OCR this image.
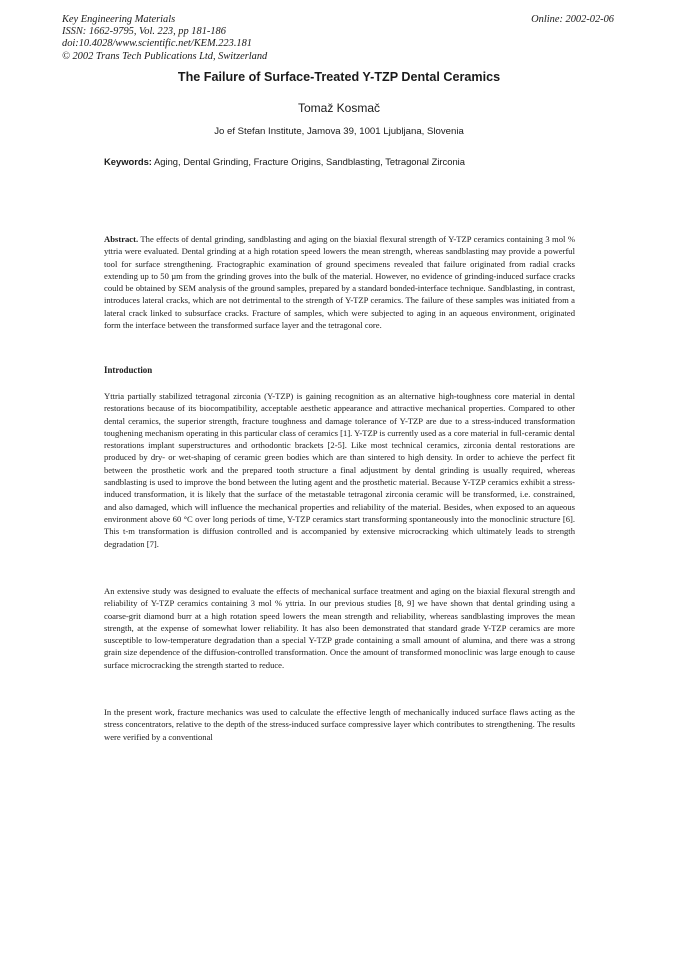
Key Engineering Materials
ISSN: 1662-9795, Vol. 223, pp 181-186
doi:10.4028/www.scientific.net/KEM.223.181
© 2002 Trans Tech Publications Ltd, Switzerland
Online: 2002-02-06
The Failure of Surface-Treated Y-TZP Dental Ceramics
Tomaž Kosmač
Jo ef Stefan Institute, Jamova 39, 1001 Ljubljana, Slovenia
Keywords: Aging, Dental Grinding, Fracture Origins, Sandblasting, Tetragonal Zirconia
Abstract. The effects of dental grinding, sandblasting and aging on the biaxial flexural strength of Y-TZP ceramics containing 3 mol % yttria were evaluated. Dental grinding at a high rotation speed lowers the mean strength, whereas sandblasting may provide a powerful tool for surface strengthening. Fractographic examination of ground specimens revealed that failure originated from radial cracks extending up to 50 µm from the grinding groves into the bulk of the material. However, no evidence of grinding-induced surface cracks could be obtained by SEM analysis of the ground samples, prepared by a standard bonded-interface technique. Sandblasting, in contrast, introduces lateral cracks, which are not detrimental to the strength of Y-TZP ceramics. The failure of these samples was initiated from a lateral crack linked to subsurface cracks. Fracture of samples, which were subjected to aging in an aqueous environment, originated form the interface between the transformed surface layer and the tetragonal core.
Introduction
Yttria partially stabilized tetragonal zirconia (Y-TZP) is gaining recognition as an alternative high-toughness core material in dental restorations because of its biocompatibility, acceptable aesthetic appearance and attractive mechanical properties. Compared to other dental ceramics, the superior strength, fracture toughness and damage tolerance of Y-TZP are due to a stress-induced transformation toughening mechanism operating in this particular class of ceramics [1]. Y-TZP is currently used as a core material in full-ceramic dental restorations implant superstructures and orthodontic brackets [2-5]. Like most technical ceramics, zirconia dental restorations are produced by dry- or wet-shaping of ceramic green bodies which are than sintered to high density. In order to achieve the perfect fit between the prosthetic work and the prepared tooth structure a final adjustment by dental grinding is usually required, whereas sandblasting is used to improve the bond between the luting agent and the prosthetic material. Because Y-TZP ceramics exhibit a stress-induced transformation, it is likely that the surface of the metastable tetragonal zirconia ceramic will be transformed, i.e. constrained, and also damaged, which will influence the mechanical properties and reliability of the material. Besides, when exposed to an aqueous environment above 60 °C over long periods of time, Y-TZP ceramics start transforming spontaneously into the monoclinic structure [6]. This t-m transformation is diffusion controlled and is accompanied by extensive microcracking which ultimately leads to strength degradation [7].
An extensive study was designed to evaluate the effects of mechanical surface treatment and aging on the biaxial flexural strength and reliability of Y-TZP ceramics containing 3 mol % yttria. In our previous studies [8, 9] we have shown that dental grinding using a coarse-grit diamond burr at a high rotation speed lowers the mean strength and reliability, whereas sandblasting improves the mean strength, at the expense of somewhat lower reliability. It has also been demonstrated that standard grade Y-TZP ceramics are more susceptible to low-temperature degradation than a special Y-TZP grade containing a small amount of alumina, and there was a strong grain size dependence of the diffusion-controlled transformation. Once the amount of transformed monoclinic was large enough to cause surface microcracking the strength started to reduce.
In the present work, fracture mechanics was used to calculate the effective length of mechanically induced surface flaws acting as the stress concentrators, relative to the depth of the stress-induced surface compressive layer which contributes to strengthening. The results were verified by a conventional
